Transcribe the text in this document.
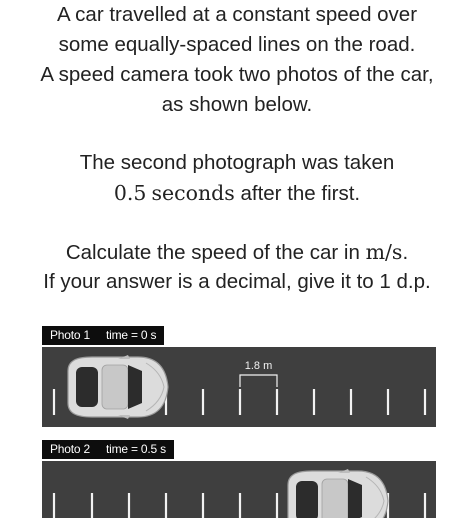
A car travelled at a constant speed over
some equally-spaced lines on the road.
A speed camera took two photos of the car,
as shown below.
The second photograph was taken
0.5 seconds after the first.
Calculate the speed of the car in m/s.
If your answer is a decimal, give it to 1 d.p.
Photo 1 time = 0 s
1.8 m
Photo 2 time = 0.5 s
